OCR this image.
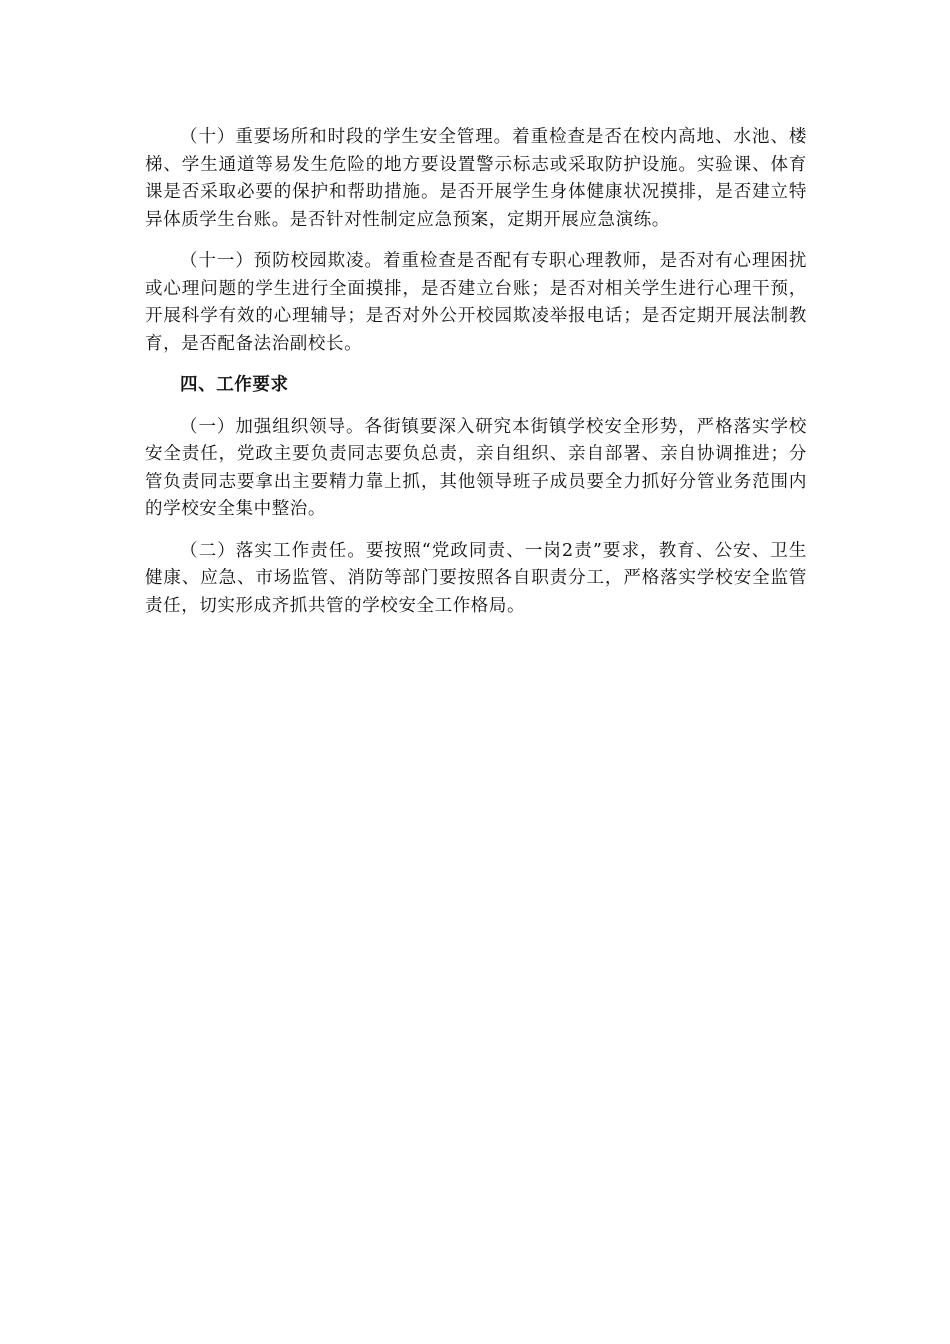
（十）重要场所和时段的学生安全管理。着重检查是否在校内高地、水池、楼梯、学生通道等易发生危险的地方要设置警示标志或采取防护设施。实验课、体育课是否采取必要的保护和帮助措施。是否开展学生身体健康状况摸排，是否建立特异体质学生台账。是否针对性制定应急预案，定期开展应急演练。

（十一）预防校园欺凌。着重检查是否配有专职心理教师，是否对有心理困扰或心理问题的学生进行全面摸排，是否建立台账；是否对相关学生进行心理干预，开展科学有效的心理辅导；是否对外公开校园欺凌举报电话；是否定期开展法制教育，是否配备法治副校长。

四、工作要求

（一）加强组织领导。各街镇要深入研究本街镇学校安全形势，严格落实学校安全责任，党政主要负责同志要负总责，亲自组织、亲自部署、亲自协调推进；分管负责同志要拿出主要精力靠上抓，其他领导班子成员要全力抓好分管业务范围内的学校安全集中整治。

（二）落实工作责任。要按照“党政同责、一岗2责”要求，教育、公安、卫生健康、应急、市场监管、消防等部门要按照各自职责分工，严格落实学校安全监管责任，切实形成齐抓共管的学校安全工作格局。
